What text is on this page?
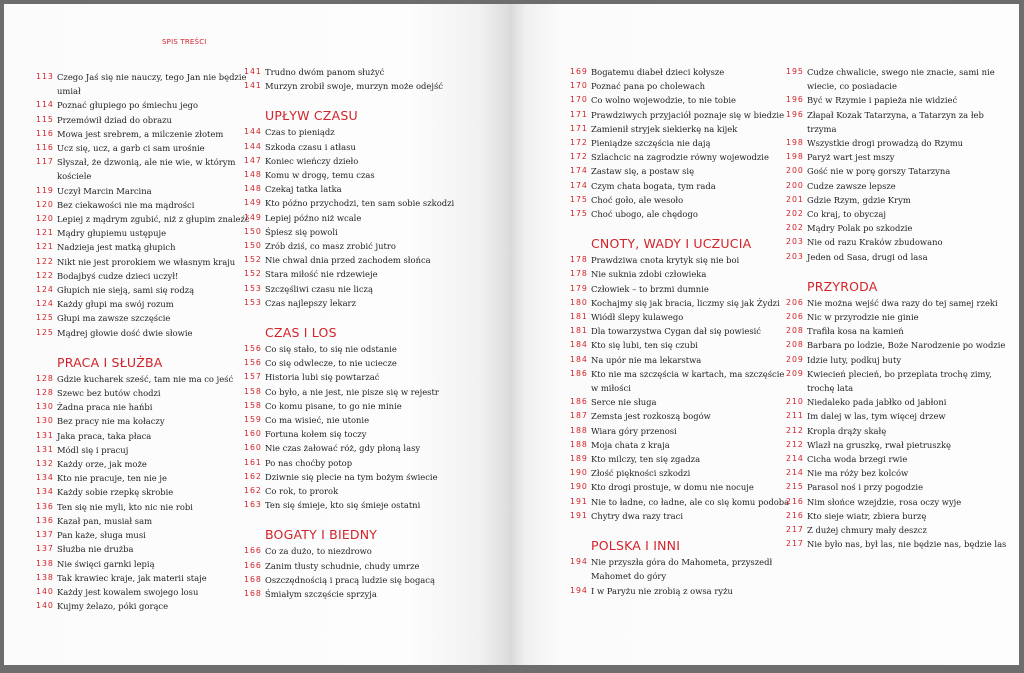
SPIS TREŚCI
113 Czego Jaś się nie nauczy, tego Jan nie będzie umiał
114 Poznać głupiego po śmiechu jego
115 Przemówił dziad do obrazu
116 Mowa jest srebrem, a milczenie złotem
116 Ucz się, ucz, a garb ci sam urośnie
117 Słyszał, że dzwonią, ale nie wie, w którym kościele
119 Uczył Marcin Marcina
120 Bez ciekawości nie ma mądrości
120 Lepiej z mądrym zgubić, niż z głupim znaleźć
121 Mądry głupiemu ustępuje
121 Nadzieja jest matką głupich
122 Nikt nie jest prorokiem we własnym kraju
122 Bodajbyś cudze dzieci uczył!
124 Głupich nie sieją, sami się rodzą
124 Każdy głupi ma swój rozum
125 Głupi ma zawsze szczęście
125 Mądrej głowie dość dwie słowie
PRACA I SŁUŻBA
128 Gdzie kucharek sześć, tam nie ma co jeść
128 Szewc bez butów chodzi
130 Żadna praca nie hańbi
130 Bez pracy nie ma kołaczy
131 Jaka praca, taka płaca
131 Módl się i pracuj
132 Każdy orze, jak może
134 Kto nie pracuje, ten nie je
134 Każdy sobie rzepkę skrobie
136 Ten się nie myli, kto nic nie robi
136 Kazał pan, musiał sam
137 Pan każe, sługa musi
137 Służba nie drużba
138 Nie święci garnki lepią
138 Tak krawiec kraje, jak materii staje
140 Każdy jest kowalem swojego losu
140 Kujmy żelazo, póki gorące
141 Trudno dwóm panom służyć
141 Murzyn zrobił swoje, murzyn może odejść
UPŁYW CZASU
144 Czas to pieniądz
144 Szkoda czasu i atłasu
147 Koniec wieńczy dzieło
148 Komu w drogę, temu czas
148 Czekaj tatka latka
149 Kto późno przychodzi, ten sam sobie szkodzi
149 Lepiej późno niż wcale
150 Śpiesz się powoli
150 Zrób dziś, co masz zrobić jutro
152 Nie chwal dnia przed zachodem słońca
152 Stara miłość nie rdzewieje
153 Szczęśliwi czasu nie liczą
153 Czas najlepszy lekarz
CZAS I LOS
156 Co się stało, to się nie odstanie
156 Co się odwlecze, to nie uciecze
157 Historia lubi się powtarzać
158 Co było, a nie jest, nie pisze się w rejestr
158 Co komu pisane, to go nie minie
159 Co ma wisieć, nie utonie
160 Fortuna kołem się toczy
160 Nie czas żałować róż, gdy płoną lasy
161 Po nas choćby potop
162 Dziwnie się plecie na tym bożym świecie
162 Co rok, to prorok
163 Ten się śmieje, kto się śmieje ostatni
BOGATY I BIEDNY
166 Co za dużo, to niezdrowo
166 Zanim tłusty schudnie, chudy umrze
168 Oszczędnością i pracą ludzie się bogacą
168 Śmiałym szczęście sprzyja
169 Bogatemu diabeł dzieci kołysze
170 Poznać pana po cholewach
170 Co wolno wojewodzie, to nie tobie
171 Prawdziwych przyjaciół poznaje się w biedzie
171 Zamienił stryjek siekierkę na kijek
172 Pieniądze szczęścia nie dają
172 Szlachcic na zagrodzie równy wojewodzie
174 Zastaw się, a postaw się
174 Czym chata bogata, tym rada
175 Choć goło, ale wesoło
175 Choć ubogo, ale chędogo
CNOTY, WADY I UCZUCIA
178 Prawdziwa cnota krytyk się nie boi
178 Nie suknia zdobi człowieka
179 Człowiek – to brzmi dumnie
180 Kochajmy się jak bracia, liczmy się jak Żydzi
181 Wiódł ślepy kulawego
181 Dla towarzystwa Cygan dał się powiesić
184 Kto się lubi, ten się czubi
184 Na upór nie ma lekarstwa
186 Kto nie ma szczęścia w kartach, ma szczęście w miłości
186 Serce nie sługa
187 Zemsta jest rozkoszą bogów
188 Wiara góry przenosi
188 Moja chata z kraja
189 Kto milczy, ten się zgadza
190 Złość piękności szkodzi
190 Kto drogi prostuje, w domu nie nocuje
191 Nie to ładne, co ładne, ale co się komu podoba
191 Chytry dwa razy traci
POLSKA I INNI
194 Nie przyszła góra do Mahometa, przyszedł Mahomet do góry
194 I w Paryżu nie zrobią z owsa ryżu
195 Cudze chwalicie, swego nie znacie, sami nie wiecie, co posiadacie
196 Być w Rzymie i papieża nie widzieć
196 Złapał Kozak Tatarzyna, a Tatarzyn za łeb trzyma
198 Wszystkie drogi prowadzą do Rzymu
198 Paryż wart jest mszy
200 Gość nie w porę gorszy Tatarzyna
200 Cudze zawsze lepsze
201 Gdzie Rzym, gdzie Krym
202 Co kraj, to obyczaj
202 Mądry Polak po szkodzie
203 Nie od razu Kraków zbudowano
203 Jeden od Sasa, drugi od lasa
PRZYRODA
206 Nie można wejść dwa razy do tej samej rzeki
206 Nic w przyrodzie nie ginie
208 Trafiła kosa na kamień
208 Barbara po lodzie, Boże Narodzenie po wodzie
209 Idzie luty, podkuj buty
209 Kwiecień plecień, bo przeplata trochę zimy, trochę lata
210 Niedaleko pada jabłko od jabłoni
211 Im dalej w las, tym więcej drzew
212 Kropla drąży skałę
212 Wlazł na gruszkę, rwał pietruszkę
214 Cicha woda brzegi rwie
214 Nie ma róży bez kolców
215 Parasol noś i przy pogodzie
216 Nim słońce wzejdzie, rosa oczy wyje
216 Kto sieje wiatr, zbiera burzę
217 Z dużej chmury mały deszcz
217 Nie było nas, był las, nie będzie nas, będzie las
